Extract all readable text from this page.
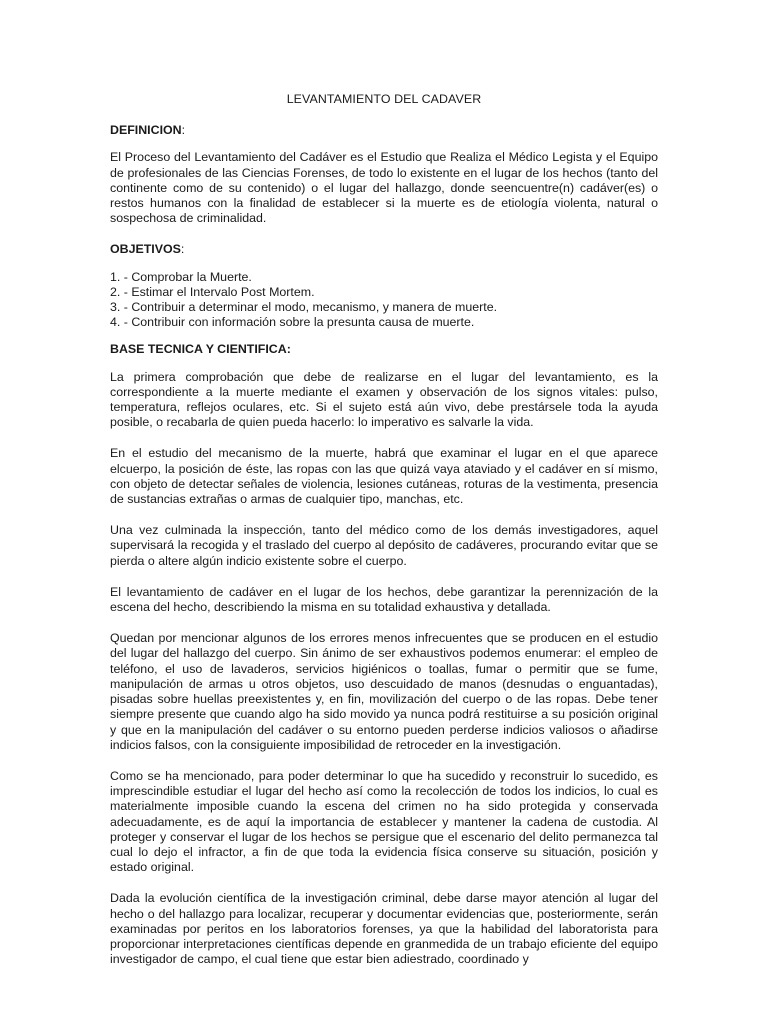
LEVANTAMIENTO DEL CADAVER
DEFINICION:

El Proceso del Levantamiento del Cadáver es el Estudio que Realiza el Médico Legista y el Equipo de profesionales de las Ciencias Forenses, de todo lo existente en el lugar de los hechos (tanto del continente como de su contenido) o el lugar del hallazgo, donde seencuentre(n) cadáver(es) o restos humanos con la finalidad de establecer si la muerte es de etiología violenta, natural o sospechosa de criminalidad.

OBJETIVOS:
1. - Comprobar la Muerte.
2. - Estimar el Intervalo Post Mortem.
3. - Contribuir a determinar el modo, mecanismo, y manera de muerte.
4. - Contribuir con información sobre la presunta causa de muerte.
BASE TECNICA Y CIENTIFICA:

La primera comprobación que debe de realizarse en el lugar del levantamiento, es la correspondiente a la muerte mediante el examen y observación de los signos vitales: pulso, temperatura, reflejos oculares, etc. Si el sujeto está aún vivo, debe prestársele toda la ayuda posible, o recabarla de quien pueda hacerlo: lo imperativo es salvarle la vida.

En el estudio del mecanismo de la muerte, habrá que examinar el lugar en el que aparece elcuerpo, la posición de éste, las ropas con las que quizá vaya ataviado y el cadáver en sí mismo, con objeto de detectar señales de violencia, lesiones cutáneas, roturas de la vestimenta, presencia de sustancias extrañas o armas de cualquier tipo, manchas, etc.

Una vez culminada la inspección, tanto del médico como de los demás investigadores, aquel supervisará la recogida y el traslado del cuerpo al depósito de cadáveres, procurando evitar que se pierda o altere algún indicio existente sobre el cuerpo.

El levantamiento de cadáver en el lugar de los hechos, debe garantizar la perennización de la escena del hecho, describiendo la misma en su totalidad exhaustiva y detallada.

Quedan por mencionar algunos de los errores menos infrecuentes que se producen en el estudio del lugar del hallazgo del cuerpo. Sin ánimo de ser exhaustivos podemos enumerar: el empleo de teléfono, el uso de lavaderos, servicios higiénicos o toallas, fumar o permitir que se fume, manipulación de armas u otros objetos, uso descuidado de manos (desnudas o enguantadas), pisadas sobre huellas preexistentes y, en fin, movilización del cuerpo o de las ropas. Debe tener siempre presente que cuando algo ha sido movido ya nunca podrá restituirse a su posición original y que en la manipulación del cadáver o su entorno pueden perderse indicios valiosos o añadirse indicios falsos, con la consiguiente imposibilidad de retroceder en la investigación.

Como se ha mencionado, para poder determinar lo que ha sucedido y reconstruir lo sucedido, es imprescindible estudiar el lugar del hecho así como la recolección de todos los indicios, lo cual es materialmente imposible cuando la escena del crimen no ha sido protegida y conservada adecuadamente, es de aquí la importancia de establecer y mantener la cadena de custodia. Al proteger y conservar el lugar de los hechos se persigue que el escenario del delito permanezca tal cual lo dejo el infractor, a fin de que toda la evidencia física conserve su situación, posición y estado original.

Dada la evolución científica de la investigación criminal, debe darse mayor atención al lugar del hecho o del hallazgo para localizar, recuperar y documentar evidencias que, posteriormente, serán examinadas por peritos en los laboratorios forenses, ya que la habilidad del laboratorista para proporcionar interpretaciones científicas depende en granmedida de un trabajo eficiente del equipo investigador de campo, el cual tiene que estar bien adiestrado, coordinado y
